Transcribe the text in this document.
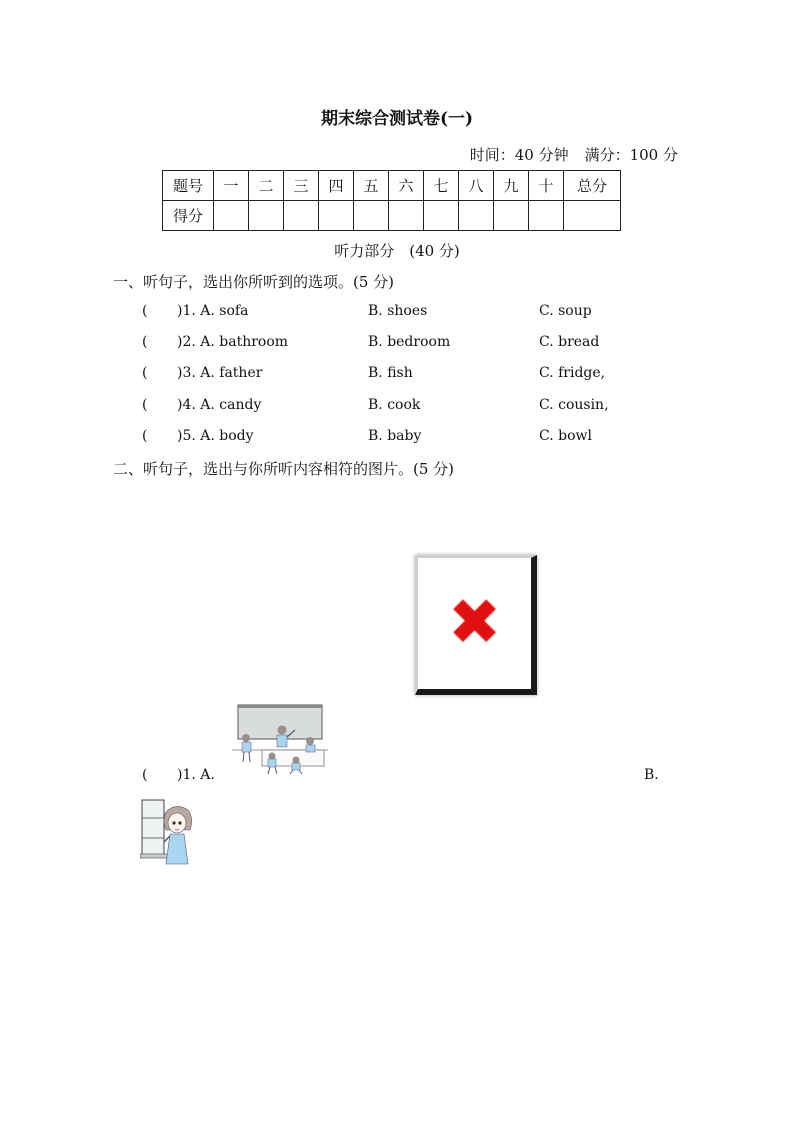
期末综合测试卷(一)
时间：40 分钟 满分：100 分
题号	一	二	三	四	五	六	七	八	九	十	总分
得分											
听力部分　(40 分)
一、听句子，选出你所听到的选项。(5 分)
( )1. A. sofa	B. shoes	C. soup
( )2. A. bathroom	B. bedroom	C. bread
( )3. A. father	B. fish	C. fridge,
( )4. A. candy	B. cook	C. cousin,
( )5. A. body	B. baby	C. bowl
二、听句子，选出与你所听内容相符的图片。(5 分)
✖
( )1. A.	B.
